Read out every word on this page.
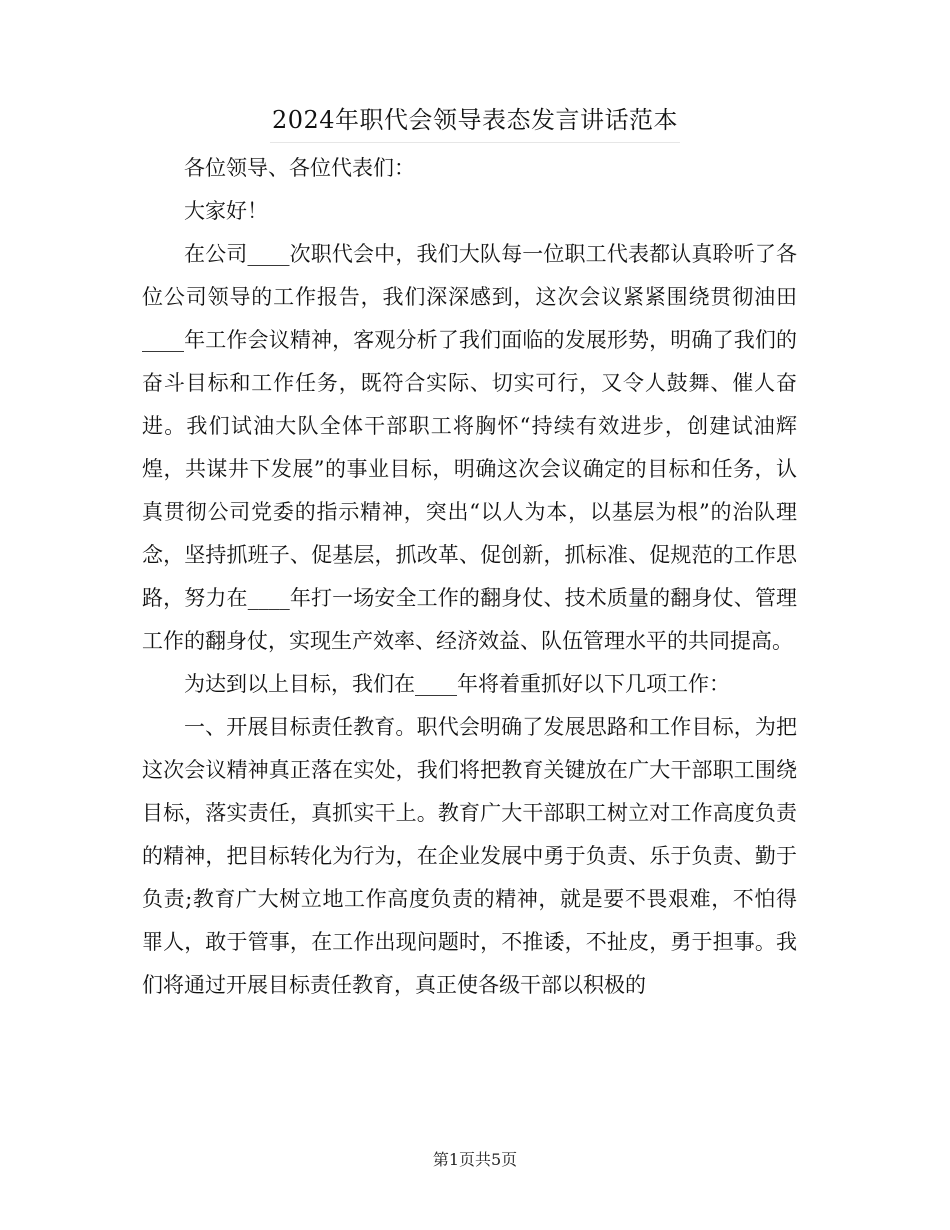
2024年职代会领导表态发言讲话范本

各位领导、各位代表们：

大家好！

在公司____次职代会中，我们大队每一位职工代表都认真聆听了各位公司领导的工作报告，我们深深感到，这次会议紧紧围绕贯彻油田____年工作会议精神，客观分析了我们面临的发展形势，明确了我们的奋斗目标和工作任务，既符合实际、切实可行，又令人鼓舞、催人奋进。我们试油大队全体干部职工将胸怀“持续有效进步，创建试油辉煌，共谋井下发展”的事业目标，明确这次会议确定的目标和任务，认真贯彻公司党委的指示精神，突出“以人为本，以基层为根”的治队理念，坚持抓班子、促基层，抓改革、促创新，抓标准、促规范的工作思路，努力在____年打一场安全工作的翻身仗、技术质量的翻身仗、管理工作的翻身仗，实现生产效率、经济效益、队伍管理水平的共同提高。

为达到以上目标，我们在____年将着重抓好以下几项工作：

一、开展目标责任教育。职代会明确了发展思路和工作目标，为把这次会议精神真正落在实处，我们将把教育关键放在广大干部职工围绕目标，落实责任，真抓实干上。教育广大干部职工树立对工作高度负责的精神，把目标转化为行为，在企业发展中勇于负责、乐于负责、勤于负责;教育广大树立地工作高度负责的精神，就是要不畏艰难，不怕得罪人，敢于管事，在工作出现问题时，不推诿，不扯皮，勇于担事。我们将通过开展目标责任教育，真正使各级干部以积极的

第1页共5页
